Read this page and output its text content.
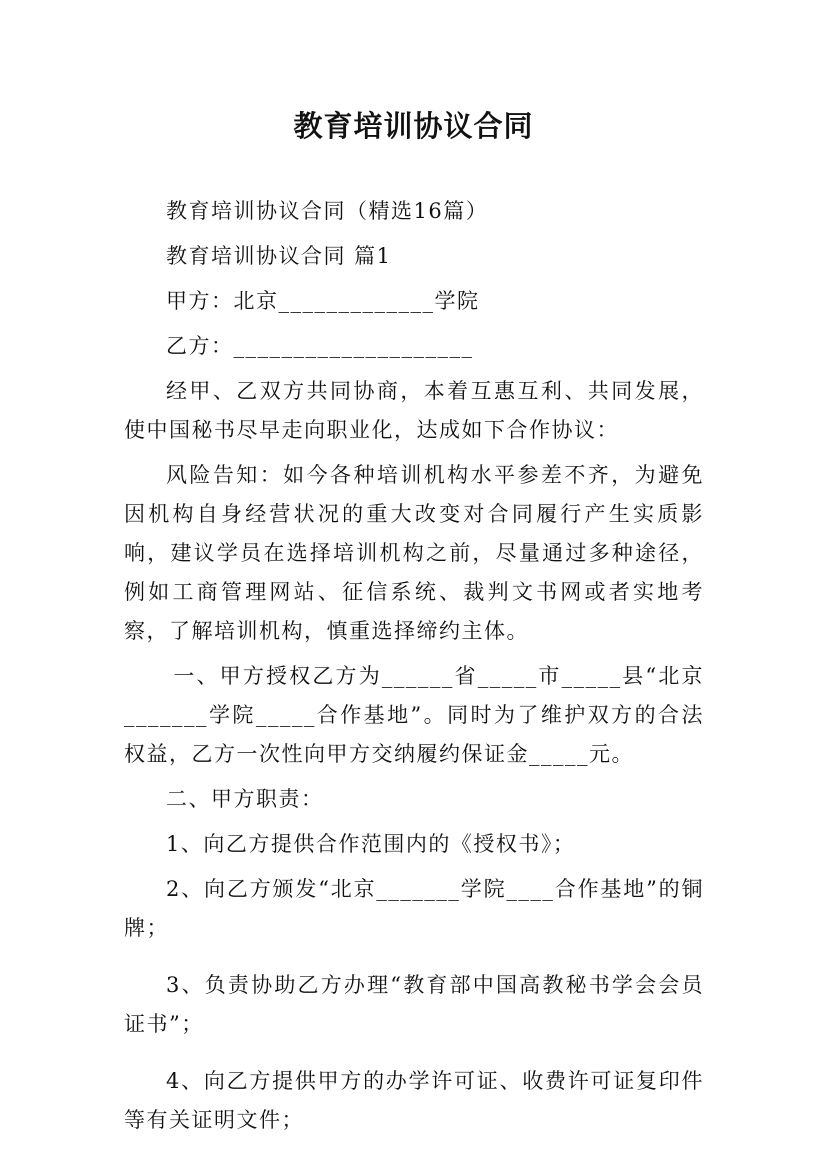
教育培训协议合同

教育培训协议合同（精选16篇）

教育培训协议合同 篇1

甲方：北京_____________学院

乙方：____________________

经甲、乙双方共同协商，本着互惠互利、共同发展，使中国秘书尽早走向职业化，达成如下合作协议：

风险告知：如今各种培训机构水平参差不齐，为避免因机构自身经营状况的重大改变对合同履行产生实质影响，建议学员在选择培训机构之前，尽量通过多种途径，例如工商管理网站、征信系统、裁判文书网或者实地考察，了解培训机构，慎重选择缔约主体。

一、甲方授权乙方为______省_____市_____县“北京_______学院_____合作基地”。同时为了维护双方的合法权益，乙方一次性向甲方交纳履约保证金_____元。

二、甲方职责：

1、向乙方提供合作范围内的《授权书》；

2、向乙方颁发“北京_______学院____合作基地”的铜牌；

3、负责协助乙方办理“教育部中国高教秘书学会会员证书”；

4、向乙方提供甲方的办学许可证、收费许可证复印件等有关证明文件；
